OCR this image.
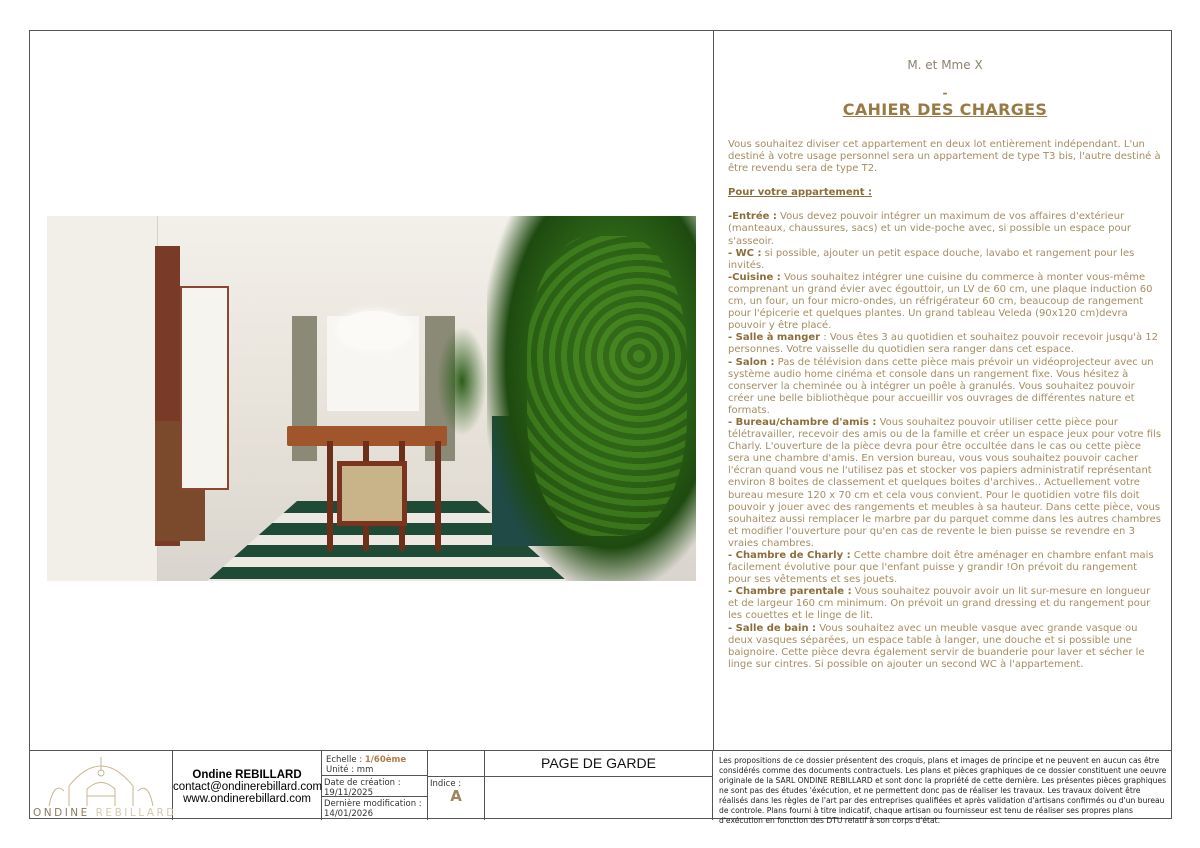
M. et Mme X
-
CAHIER DES CHARGES

Vous souhaitez diviser cet appartement en deux lot entièrement indépendant. L'un destiné à votre usage personnel sera un appartement de type T3 bis, l'autre destiné à être revendu sera de type T2.

Pour votre appartement :

-Entrée : Vous devez pouvoir intégrer un maximum de vos affaires d'extérieur (manteaux, chaussures, sacs) et un vide-poche avec, si possible un espace pour s'asseoir.

- WC : si possible, ajouter un petit espace douche, lavabo et rangement pour les invités.

-Cuisine : Vous souhaitez intégrer une cuisine du commerce à monter vous-même comprenant un grand évier avec égouttoir, un LV de 60 cm, une plaque induction 60 cm, un four, un four micro-ondes, un réfrigérateur 60 cm, beaucoup de rangement pour l'épicerie et quelques plantes. Un grand tableau Veleda (90x120 cm)devra pouvoir y être placé.

- Salle à manger : Vous êtes 3 au quotidien et souhaitez pouvoir recevoir jusqu'à 12 personnes. Votre vaisselle du quotidien sera ranger dans cet espace.

- Salon : Pas de télévision dans cette pièce mais prévoir un vidéoprojecteur avec un système audio home cinéma et console dans un rangement fixe. Vous hésitez à conserver la cheminée ou à intégrer un poêle à granulés. Vous souhaitez pouvoir créer une belle bibliothèque pour accueillir vos ouvrages de différentes nature et formats.

- Bureau/chambre d'amis : Vous souhaitez pouvoir utiliser cette pièce pour télétravailler, recevoir des amis ou de la famille et créer un espace jeux pour votre fils Charly. L'ouverture de la pièce devra pour être occultée dans le cas ou cette pièce sera une chambre d'amis. En version bureau, vous vous souhaitez pouvoir cacher l'écran quand vous ne l'utilisez pas et stocker vos papiers administratif représentant environ 8 boites de classement et quelques boites d'archives.. Actuellement votre bureau mesure 120 x 70 cm et cela vous convient. Pour le quotidien votre fils doit pouvoir y jouer avec des rangements et meubles à sa hauteur. Dans cette pièce, vous souhaitez aussi remplacer le marbre par du parquet comme dans les autres chambres et modifier l'ouverture pour qu'en cas de revente le bien puisse se revendre en 3 vraies chambres.

- Chambre de Charly : Cette chambre doit être aménager en chambre enfant mais facilement évolutive pour que l'enfant puisse y grandir !On prévoit du rangement pour ses vêtements et ses jouets.

- Chambre parentale : Vous souhaitez pouvoir avoir un lit sur-mesure en longueur et de largeur 160 cm minimum. On prévoit un grand dressing et du rangement pour les couettes et le linge de lit.

- Salle de bain : Vous souhaitez avec un meuble vasque avec grande vasque ou deux vasques séparées, un espace table à langer, une douche et si possible une baignoire. Cette pièce devra également servir de buanderie pour laver et sécher le linge sur cintres. Si possible on ajouter un second WC à l'appartement.

ONDINE REBILLARD
Ondine REBILLARD
contact@ondinerebillard.com
www.ondinerebillard.com
Echelle : 1/60ème
Unité : mm
Date de création :
19/11/2025
Dernière modification :
14/01/2026
Indice :
A
PAGE DE GARDE	Les propositions de ce dossier présentent des croquis, plans et images de principe et ne peuvent en aucun cas être considérés comme des documents contractuels. Les plans et pièces graphiques de ce dossier constituent une oeuvre originale de la SARL ONDINE REBILLARD et sont donc la propriété de cette dernière. Les présentes pièces graphiques ne sont pas des études 'éxécution, et ne permettent donc pas de réaliser les travaux. Les travaux doivent être réalisés dans les règles de l'art par des entreprises qualifiées et après validation d'artisans confirmés ou d'un bureau de controle. Plans fourni à titre indicatif, chaque artisan ou fournisseur est tenu de réaliser ses propres plans d'exécution en fonction des DTU relatif à son corps d'état.
